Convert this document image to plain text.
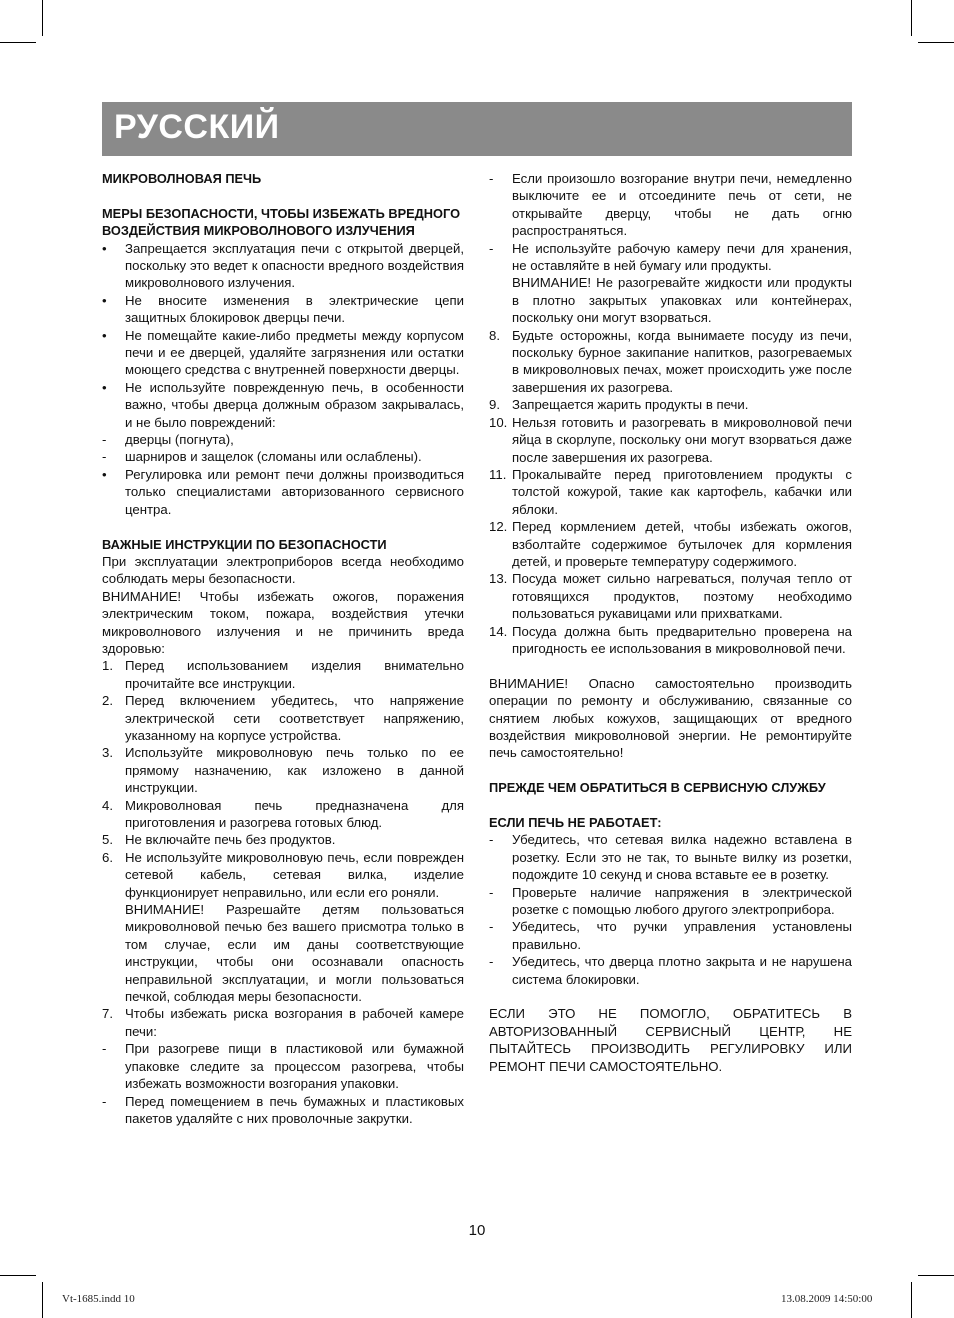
РУССКИЙ

МИКРОВОЛНОВАЯ ПЕЧЬ

МЕРЫ БЕЗОПАСНОСТИ, ЧТОБЫ ИЗБЕЖАТЬ ВРЕДНОГО ВОЗДЕЙСТВИЯ МИКРОВОЛНОВОГО ИЗЛУЧЕНИЯ

• Запрещается эксплуатация печи с открытой дверцей, поскольку это ведет к опасности вредного воздействия микроволнового излучения.
• Не вносите изменения в электрические цепи защитных блокировок дверцы печи.
• Не помещайте какие-либо предметы между корпусом печи и ее дверцей, удаляйте загрязнения или остатки моющего средства с внутренней поверхности дверцы.
• Не используйте поврежденную печь, в особенности важно, чтобы дверца должным образом закрывалась, и не было повреждений:
- дверцы (погнута),
- шарниров и защелок (сломаны или ослаблены).
• Регулировка или ремонт печи должны производиться только специалистами авторизованного сервисного центра.

ВАЖНЫЕ ИНСТРУКЦИИ ПО БЕЗОПАСНОСТИ

При эксплуатации электроприборов всегда необходимо соблюдать меры безопасности.

ВНИМАНИЕ! Чтобы избежать ожогов, поражения электрическим током, пожара, воздействия утечки микроволнового излучения и не причинить вреда здоровью:

1. Перед использованием изделия внимательно прочитайте все инструкции.
2. Перед включением убедитесь, что напряжение электрической сети соответствует напряжению, указанному на корпусе устройства.
3. Используйте микроволновую печь только по ее прямому назначению, как изложено в данной инструкции.
4. Микроволновая печь предназначена для приготовления и разогрева готовых блюд.
5. Не включайте печь без продуктов.
6. Не используйте микроволновую печь, если поврежден сетевой кабель, сетевая вилка, изделие функционирует неправильно, или если его роняли.
ВНИМАНИЕ! Разрешайте детям пользоваться микроволновой печью без вашего присмотра только в том случае, если им даны соответствующие инструкции, чтобы они осознавали опасность неправильной эксплуатации, и могли пользоваться печкой, соблюдая меры безопасности.
7. Чтобы избежать риска возгорания в рабочей камере печи:
- При разогреве пищи в пластиковой или бумажной упаковке следите за процессом разогрева, чтобы избежать возможности возгорания упаковки.
- Перед помещением в печь бумажных и пластиковых пакетов удаляйте с них проволочные закрутки.
- Если произошло возгорание внутри печи, немедленно выключите ее и отсоедините печь от сети, не открывайте дверцу, чтобы не дать огню распространяться.
- Не используйте рабочую камеру печи для хранения, не оставляйте в ней бумагу или продукты.
ВНИМАНИЕ! Не разогревайте жидкости или продукты в плотно закрытых упаковках или контейнерах, поскольку они могут взорваться.
8. Будьте осторожны, когда вынимаете посуду из печи, поскольку бурное закипание напитков, разогреваемых в микроволновых печах, может происходить уже после завершения их разогрева.
9. Запрещается жарить продукты в печи.
10. Нельзя готовить и разогревать в микроволновой печи яйца в скорлупе, поскольку они могут взорваться даже после завершения их разогрева.
11. Прокалывайте перед приготовлением продукты с толстой кожурой, такие как картофель, кабачки или яблоки.
12. Перед кормлением детей, чтобы избежать ожогов, взболтайте содержимое бутылочек для кормления детей, и проверьте температуру содержимого.
13. Посуда может сильно нагреваться, получая тепло от готовящихся продуктов, поэтому необходимо пользоваться рукавицами или прихватками.
14. Посуда должна быть предварительно проверена на пригодность ее использования в микроволновой печи.

ВНИМАНИЕ! Опасно самостоятельно производить операции по ремонту и обслуживанию, связанные со снятием любых кожухов, защищающих от вредного воздействия микроволновой энергии. Не ремонтируйте печь самостоятельно!

ПРЕЖДЕ ЧЕМ ОБРАТИТЬСЯ В СЕРВИСНУЮ СЛУЖБУ

ЕСЛИ ПЕЧЬ НЕ РАБОТАЕТ:

- Убедитесь, что сетевая вилка надежно вставлена в розетку. Если это не так, то выньте вилку из розетки, подождите 10 секунд и снова вставьте ее в розетку.
- Проверьте наличие напряжения в электрической розетке с помощью любого другого электроприбора.
- Убедитесь, что ручки управления установлены правильно.
- Убедитесь, что дверца плотно закрыта и не нарушена система блокировки.

ЕСЛИ ЭТО НЕ ПОМОГЛО, ОБРАТИТЕСЬ В АВТОРИЗОВАННЫЙ СЕРВИСНЫЙ ЦЕНТР, НЕ ПЫТАЙТЕСЬ ПРОИЗВОДИТЬ РЕГУЛИРОВКУ ИЛИ РЕМОНТ ПЕЧИ САМОСТОЯТЕЛЬНО.

10
Vt-1685.indd 10	13.08.2009 14:50:00
